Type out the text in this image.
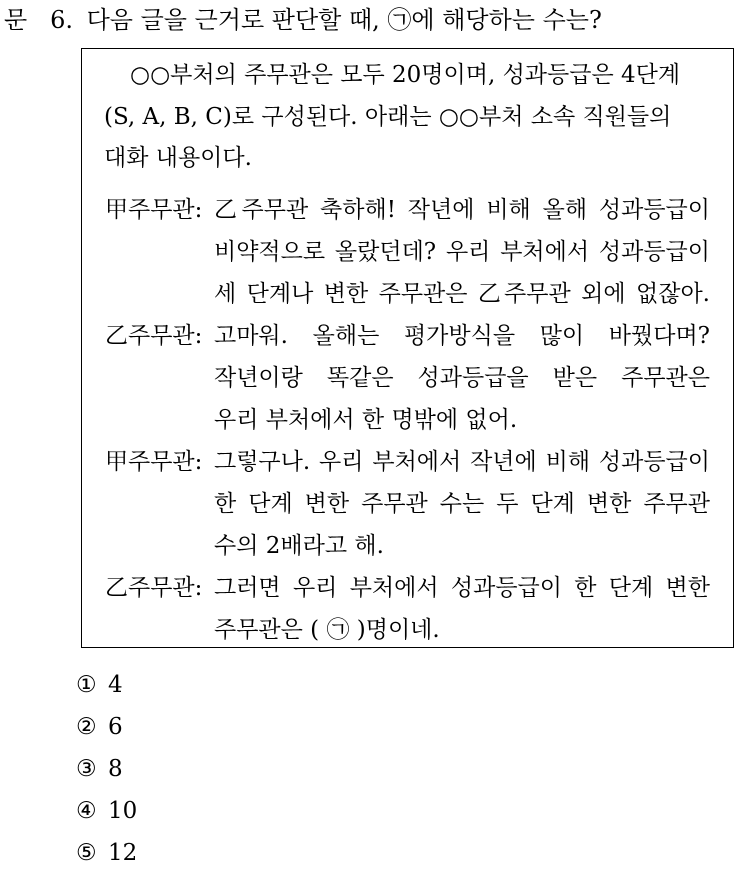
문 6. 다음 글을 근거로 판단할 때, ㉠에 해당하는 수는?
○○부처의 주무관은 모두 20명이며, 성과등급은 4단계
(S, A, B, C)로 구성된다. 아래는 ○○부처 소속 직원들의
대화 내용이다.
甲주무관: 乙주무관 축하해! 작년에 비해 올해 성과등급이
비약적으로 올랐던데? 우리 부처에서 성과등급이
세 단계나 변한 주무관은 乙주무관 외에 없잖아.
乙주무관: 고마워. 올해는 평가방식을 많이 바꿨다며?
작년이랑 똑같은 성과등급을 받은 주무관은
우리 부처에서 한 명밖에 없어.
甲주무관: 그렇구나. 우리 부처에서 작년에 비해 성과등급이
한 단계 변한 주무관 수는 두 단계 변한 주무관
수의 2배라고 해.
乙주무관: 그러면 우리 부처에서 성과등급이 한 단계 변한
주무관은 ( ㉠ )명이네.
① 4
② 6
③ 8
④ 10
⑤ 12
